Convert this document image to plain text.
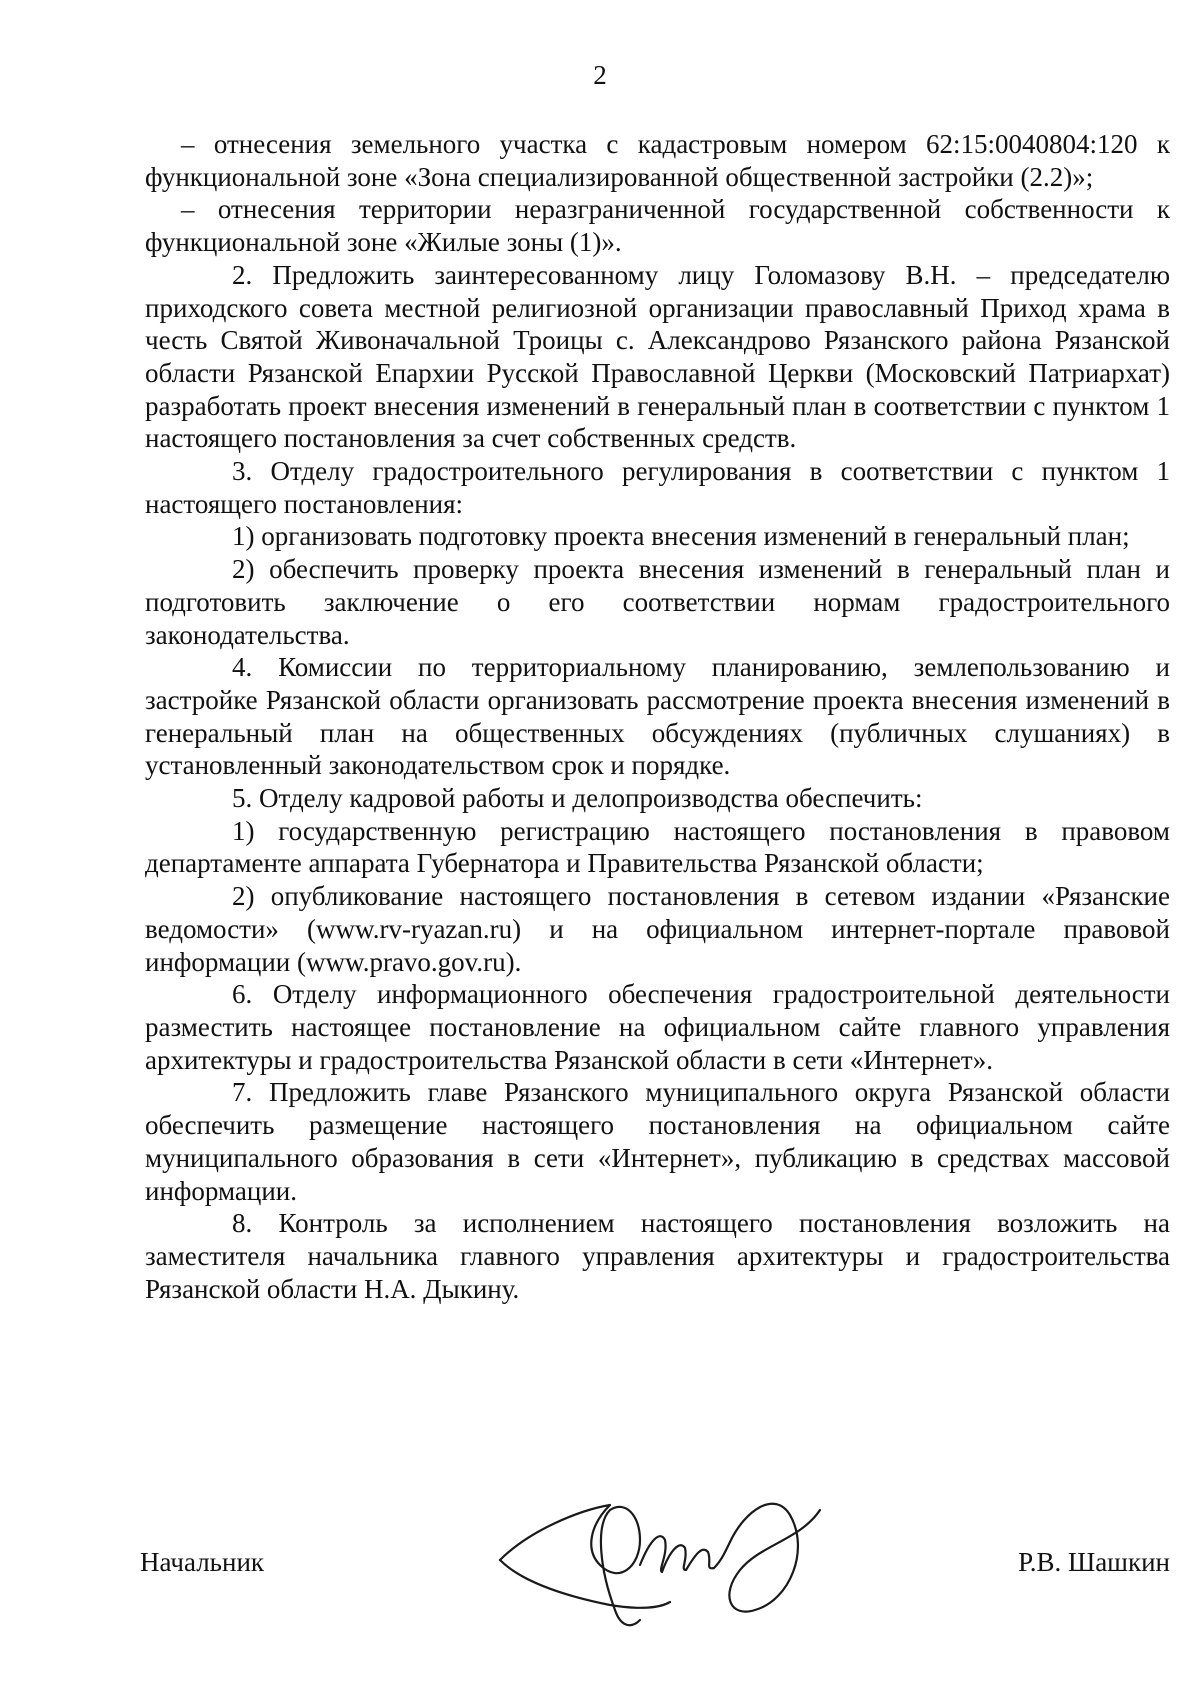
2

– отнесения земельного участка с кадастровым номером 62:15:0040804:120 к функциональной зоне «Зона специализированной общественной застройки (2.2)»;

– отнесения территории неразграниченной государственной собственности к функциональной зоне «Жилые зоны (1)».

2. Предложить заинтересованному лицу Голомазову В.Н. – председателю приходского совета местной религиозной организации православный Приход храма в честь Святой Живоначальной Троицы с. Александрово Рязанского района Рязанской области Рязанской Епархии Русской Православной Церкви (Московский Патриархат) разработать проект внесения изменений в генеральный план в соответствии с пунктом 1 настоящего постановления за счет собственных средств.

3. Отделу градостроительного регулирования в соответствии с пунктом 1 настоящего постановления:

1) организовать подготовку проекта внесения изменений в генеральный план;

2) обеспечить проверку проекта внесения изменений в генеральный план и подготовить заключение о его соответствии нормам градостроительного законодательства.

4. Комиссии по территориальному планированию, землепользованию и застройке Рязанской области организовать рассмотрение проекта внесения изменений в генеральный план на общественных обсуждениях (публичных слушаниях) в установленный законодательством срок и порядке.

5. Отделу кадровой работы и делопроизводства обеспечить:

1) государственную регистрацию настоящего постановления в правовом департаменте аппарата Губернатора и Правительства Рязанской области;

2) опубликование настоящего постановления в сетевом издании «Рязанские ведомости» (www.rv-ryazan.ru) и на официальном интернет-портале правовой информации (www.pravo.gov.ru).

6. Отделу информационного обеспечения градостроительной деятельности разместить настоящее постановление на официальном сайте главного управления архитектуры и градостроительства Рязанской области в сети «Интернет».

7. Предложить главе Рязанского муниципального округа Рязанской области обеспечить размещение настоящего постановления на официальном сайте муниципального образования в сети «Интернет», публикацию в средствах массовой информации.

8. Контроль за исполнением настоящего постановления возложить на заместителя начальника главного управления архитектуры и градостроительства Рязанской области Н.А. Дыкину.

Начальник	Р.В. Шашкин
